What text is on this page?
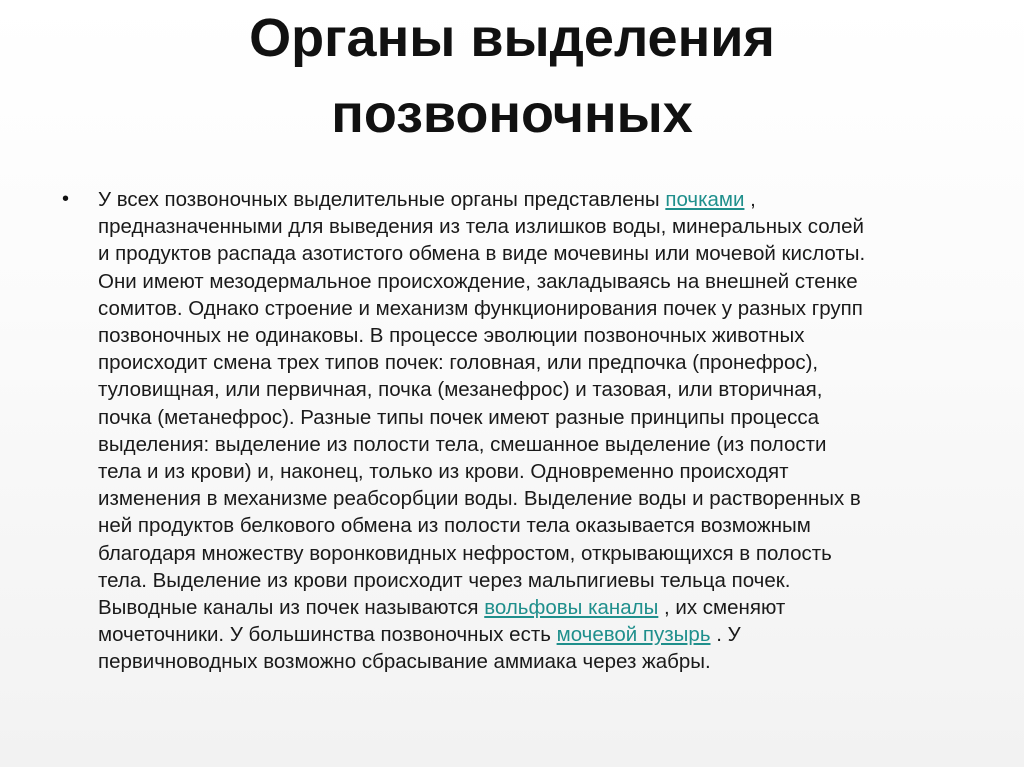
Органы выделения
позвоночных
• У всех позвоночных выделительные органы представлены почками ,
предназначенными для выведения из тела излишков воды, минеральных солей
и продуктов распада азотистого обмена в виде мочевины или мочевой кислоты.
Они имеют мезодермальное происхождение, закладываясь на внешней стенке
сомитов. Однако строение и механизм функционирования почек у разных групп
позвоночных не одинаковы. В процессе эволюции позвоночных животных
происходит смена трех типов почек: головная, или предпочка (пронефрос),
туловищная, или первичная, почка (мезанефрос) и тазовая, или вторичная,
почка (метанефрос). Разные типы почек имеют разные принципы процесса
выделения: выделение из полости тела, смешанное выделение (из полости
тела и из крови) и, наконец, только из крови. Одновременно происходят
изменения в механизме реабсорбции воды. Выделение воды и растворенных в
ней продуктов белкового обмена из полости тела оказывается возможным
благодаря множеству воронковидных нефростом, открывающихся в полость
тела. Выделение из крови происходит через мальпигиевы тельца почек.
Выводные каналы из почек называются вольфовы каналы , их сменяют
мочеточники. У большинства позвоночных есть мочевой пузырь . У
первичноводных возможно сбрасывание аммиака через жабры.
